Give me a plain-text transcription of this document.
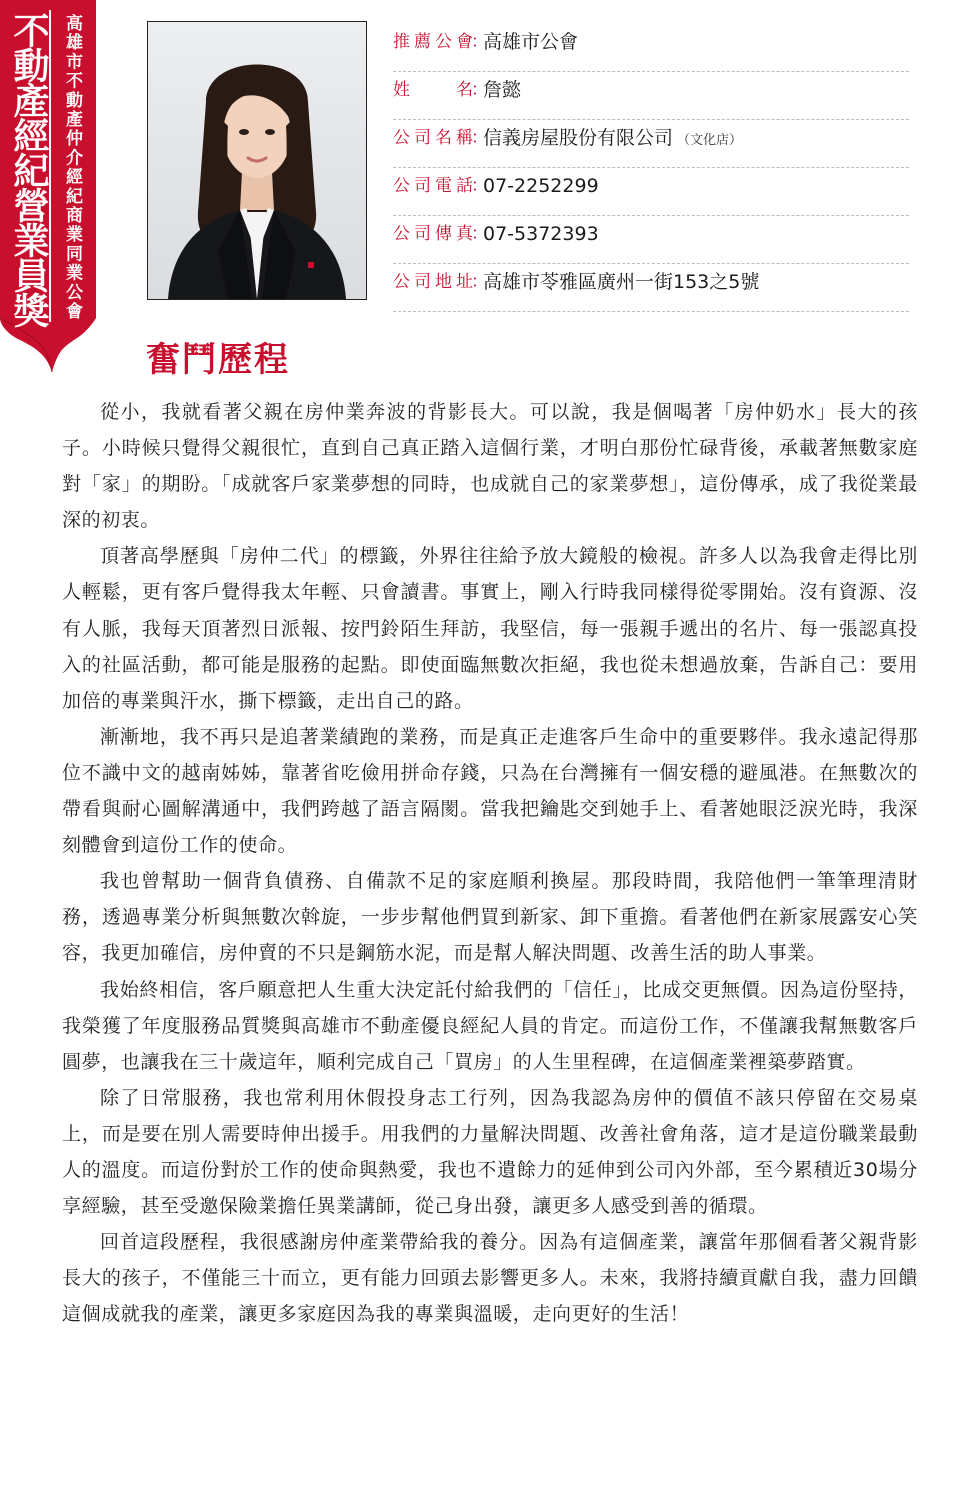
不動產經紀營業員獎 高雄市不動產仲介經紀商業同業公會	推薦公會
：
高雄市公會
姓名
：
詹懿
公司名稱
：
信義房屋股份有限公司 （文化店）
公司電話
：
07-2252299
公司傳真
：
07-5372393
公司地址
：
高雄市苓雅區廣州一街153之5號
奮鬥歷程

從小，我就看著父親在房仲業奔波的背影長大。可以說，我是個喝著「房仲奶水」長大的孩子。小時候只覺得父親很忙，直到自己真正踏入這個行業，才明白那份忙碌背後，承載著無數家庭對「家」的期盼。「成就客戶家業夢想的同時，也成就自己的家業夢想」，這份傳承，成了我從業最深的初衷。

頂著高學歷與「房仲二代」的標籤，外界往往給予放大鏡般的檢視。許多人以為我會走得比別人輕鬆，更有客戶覺得我太年輕、只會讀書。事實上，剛入行時我同樣得從零開始。沒有資源、沒有人脈，我每天頂著烈日派報、按門鈴陌生拜訪，我堅信，每一張親手遞出的名片、每一張認真投入的社區活動，都可能是服務的起點。即使面臨無數次拒絕，我也從未想過放棄，告訴自己：要用加倍的專業與汗水，撕下標籤，走出自己的路。

漸漸地，我不再只是追著業績跑的業務，而是真正走進客戶生命中的重要夥伴。我永遠記得那位不識中文的越南姊姊，靠著省吃儉用拼命存錢，只為在台灣擁有一個安穩的避風港。在無數次的帶看與耐心圖解溝通中，我們跨越了語言隔閡。當我把鑰匙交到她手上、看著她眼泛淚光時，我深刻體會到這份工作的使命。

我也曾幫助一個背負債務、自備款不足的家庭順利換屋。那段時間，我陪他們一筆筆理清財務，透過專業分析與無數次斡旋，一步步幫他們買到新家、卸下重擔。看著他們在新家展露安心笑容，我更加確信，房仲賣的不只是鋼筋水泥，而是幫人解決問題、改善生活的助人事業。

我始終相信，客戶願意把人生重大決定託付給我們的「信任」，比成交更無價。因為這份堅持，我榮獲了年度服務品質獎與高雄市不動產優良經紀人員的肯定。而這份工作，不僅讓我幫無數客戶圓夢，也讓我在三十歲這年，順利完成自己「買房」的人生里程碑，在這個產業裡築夢踏實。

除了日常服務，我也常利用休假投身志工行列，因為我認為房仲的價值不該只停留在交易桌上，而是要在別人需要時伸出援手。用我們的力量解決問題、改善社會角落，這才是這份職業最動人的溫度。而這份對於工作的使命與熱愛，我也不遺餘力的延伸到公司內外部，至今累積近30場分享經驗，甚至受邀保險業擔任異業講師，從己身出發，讓更多人感受到善的循環。

回首這段歷程，我很感謝房仲產業帶給我的養分。因為有這個產業，讓當年那個看著父親背影長大的孩子，不僅能三十而立，更有能力回頭去影響更多人。未來，我將持續貢獻自我，盡力回饋這個成就我的產業，讓更多家庭因為我的專業與溫暖，走向更好的生活！
